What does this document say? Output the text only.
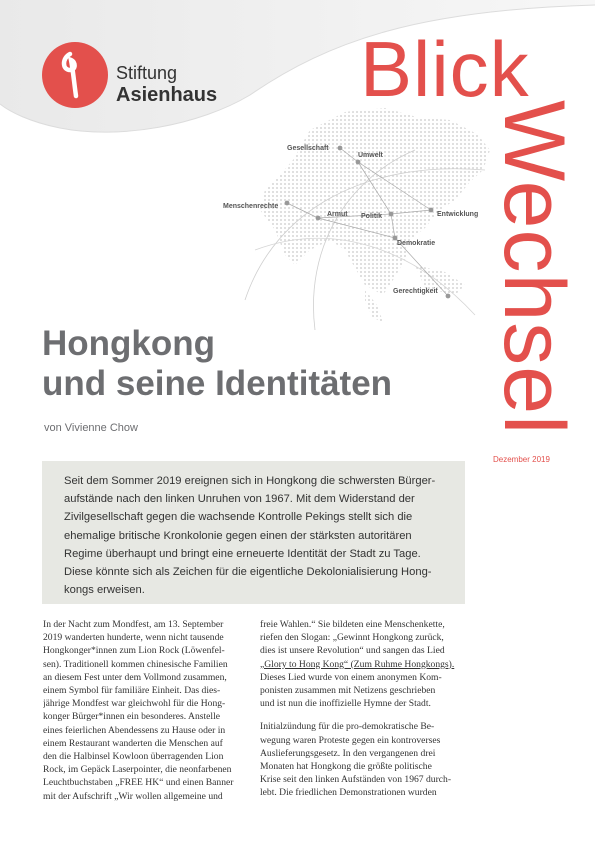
Stiftung
Asienhaus
Gesellschaft
Umwelt
Menschenrechte
Armut Politik	Entwicklung
Demokratie
Gerechtigkeit
Blick
Wechsel
Dezember 2019
Hongkong
und seine Identitäten
von Vivienne Chow
Seit dem Sommer 2019 ereignen sich in Hongkong die schwersten Bürger-
aufstände nach den linken Unruhen von 1967. Mit dem Widerstand der
Zivilgesellschaft gegen die wachsende Kontrolle Pekings stellt sich die
ehemalige britische Kronkolonie gegen einen der stärksten autoritären
Regime überhaupt und bringt eine erneuerte Identität der Stadt zu Tage.
Diese könnte sich als Zeichen für die eigentliche Dekolonialisierung Hong-
kongs erweisen.
In der Nacht zum Mondfest, am 13. September
2019 wanderten hunderte, wenn nicht tausende
Hongkonger*innen zum Lion Rock (Löwenfel-
sen). Traditionell kommen chinesische Familien
an diesem Fest unter dem Vollmond zusammen,
einem Symbol für familiäre Einheit. Das dies-
jährige Mondfest war gleichwohl für die Hong-
konger Bürger*innen ein besonderes. Anstelle
eines feierlichen Abendessens zu Hause oder in
einem Restaurant wanderten die Menschen auf
den die Halbinsel Kowloon überragenden Lion
Rock, im Gepäck Laserpointer, die neonfarbenen
Leuchtbuchstaben „FREE HK“ und einen Banner
mit der Aufschrift „Wir wollen allgemeine und
freie Wahlen.“ Sie bildeten eine Menschenkette,
riefen den Slogan: „Gewinnt Hongkong zurück,
dies ist unsere Revolution“ und sangen das Lied
„Glory to Hong Kong“ (Zum Ruhme Hongkongs).
Dieses Lied wurde von einem anonymen Kom-
ponisten zusammen mit Netizens geschrieben
und ist nun die inoffizielle Hymne der Stadt.
Initialzündung für die pro-demokratische Be-
wegung waren Proteste gegen ein kontroverses
Auslieferungsgesetz. In den vergangenen drei
Monaten hat Hongkong die größte politische
Krise seit den linken Aufständen von 1967 durch-
lebt. Die friedlichen Demonstrationen wurden
